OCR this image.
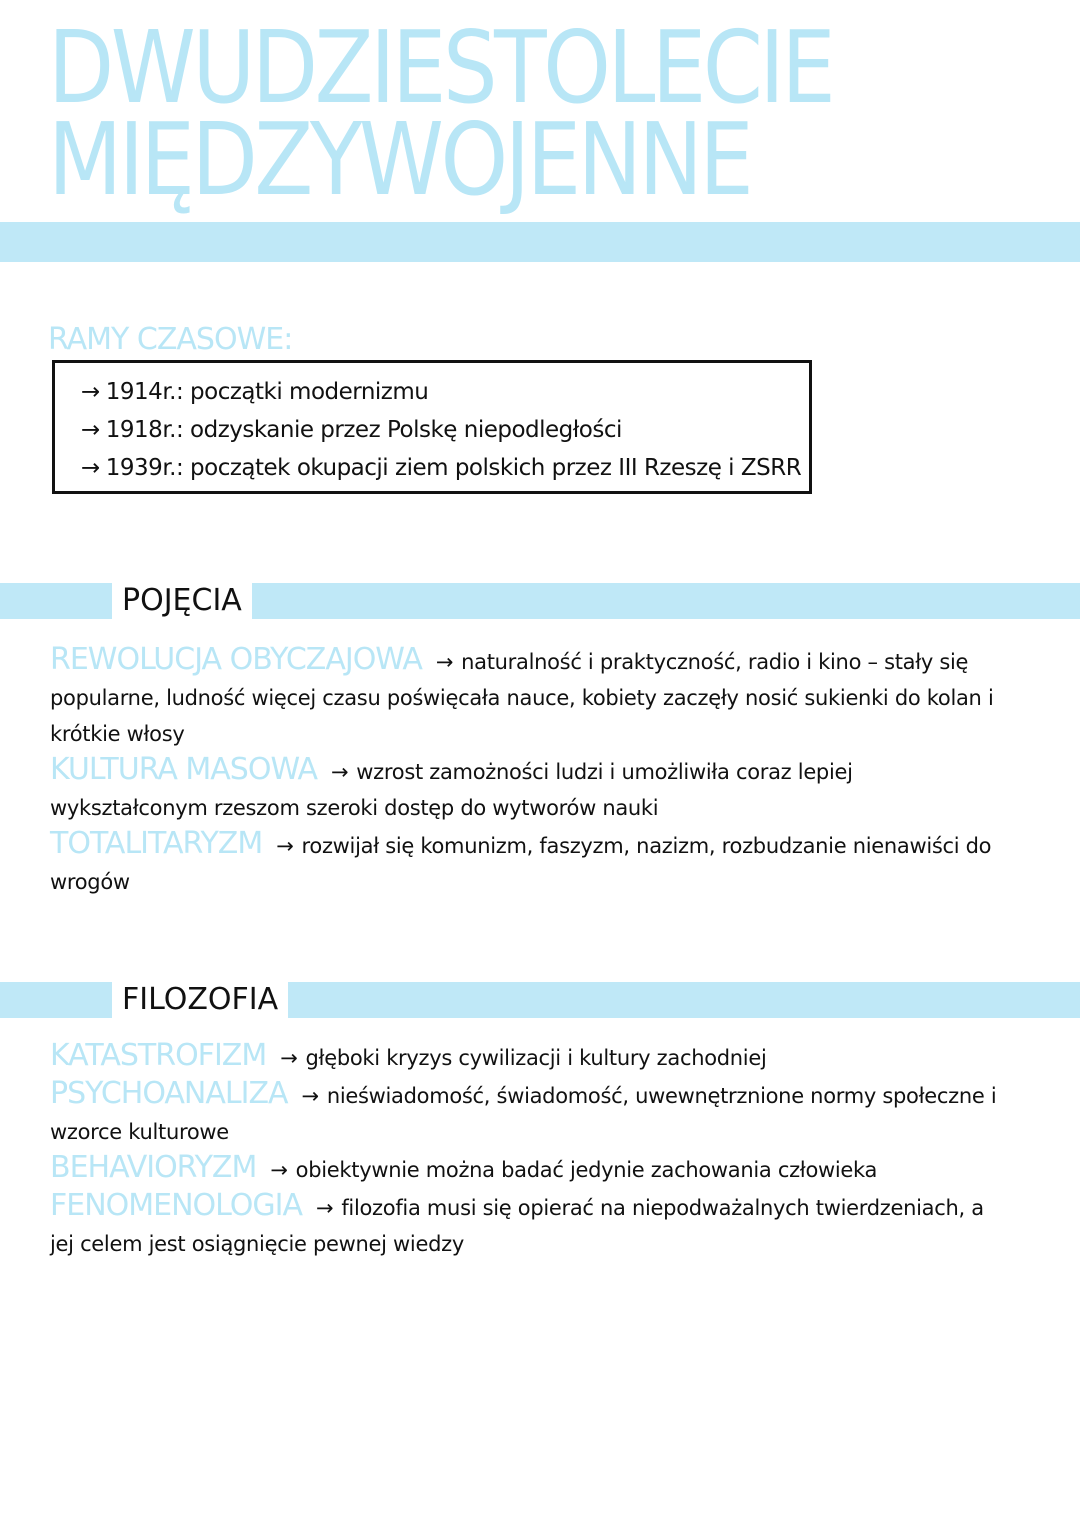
DWUDZIESTOLECIE
MIĘDZYWOJENNE
RAMY CZASOWE:
→ 1914r.: początki modernizmu
→ 1918r.: odzyskanie przez Polskę niepodległości
→ 1939r.: początek okupacji ziem polskich przez III Rzeszę i ZSRR
POJĘCIA
REWOLUCJA OBYCZAJOWA → naturalność i praktyczność, radio i kino – stały się popularne, ludność więcej czasu poświęcała nauce, kobiety zaczęły nosić sukienki do kolan i krótkie włosy
KULTURA MASOWA → wzrost zamożności ludzi i umożliwiła coraz lepiej wykształconym rzeszom szeroki dostęp do wytworów nauki
TOTALITARYZM → rozwijał się komunizm, faszyzm, nazizm, rozbudzanie nienawiści do wrogów
FILOZOFIA
KATASTROFIZM → głęboki kryzys cywilizacji i kultury zachodniej
PSYCHOANALIZA → nieświadomość, świadomość, uwewnętrznione normy społeczne i wzorce kulturowe
BEHAVIORYZM → obiektywnie można badać jedynie zachowania człowieka
FENOMENOLOGIA → filozofia musi się opierać na niepodważalnych twierdzeniach, a jej celem jest osiągnięcie pewnej wiedzy
